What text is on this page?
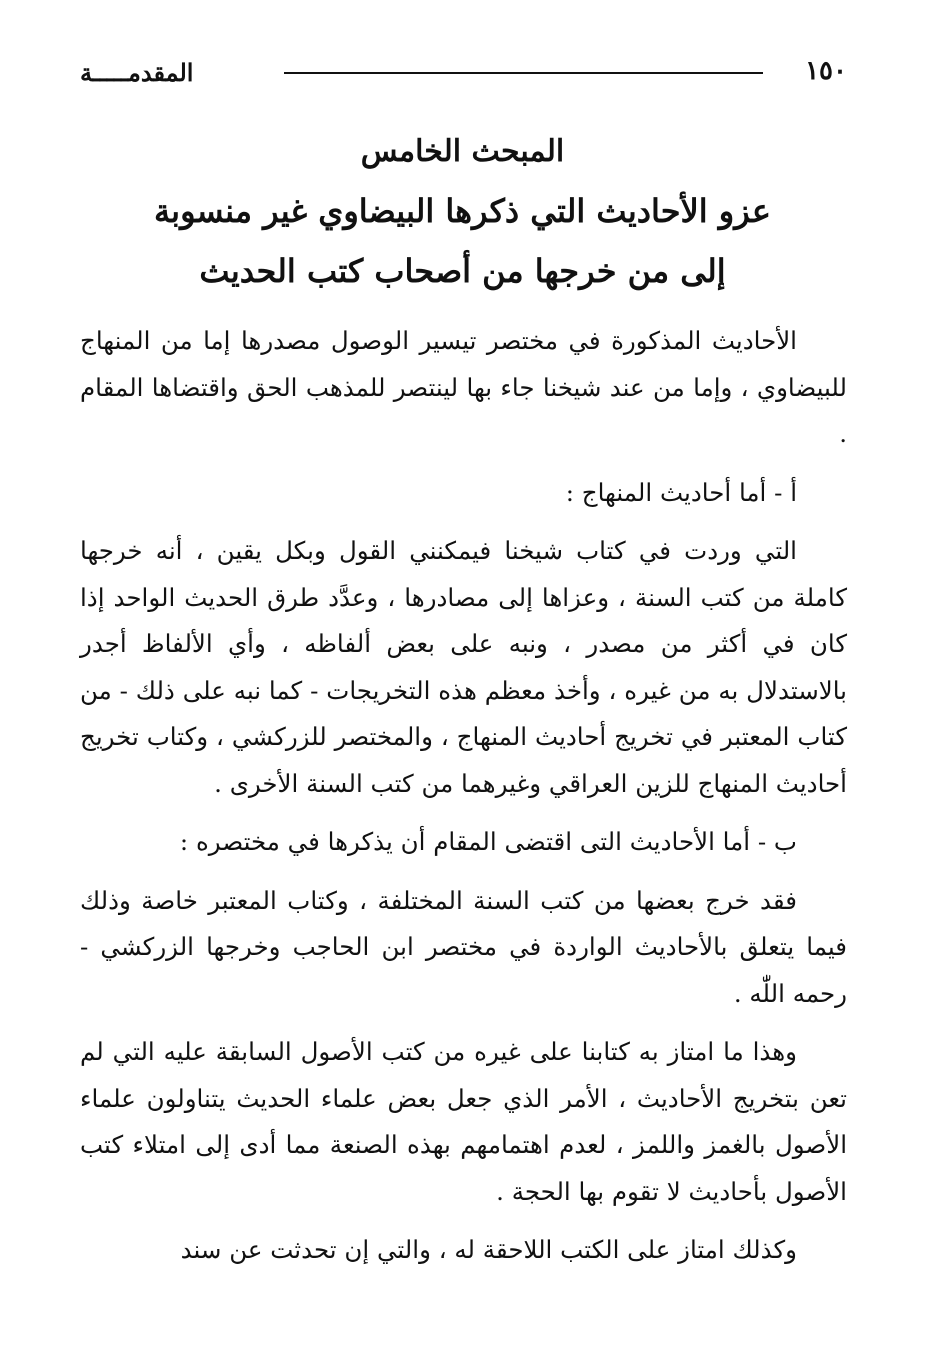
المقدمـــــة	١٥٠
المبحث الخامس
عزو الأحاديث التي ذكرها البيضاوي غير منسوبة
إلى من خرجها من أصحاب كتب الحديث

الأحاديث المذكورة في مختصر تيسير الوصول مصدرها إما من المنهاج للبيضاوي ، وإما من عند شيخنا جاء بها لينتصر للمذهب الحق واقتضاها المقام .

أ - أما أحاديث المنهاج :

التي وردت في كتاب شيخنا فيمكنني القول وبكل يقين ، أنه خرجها كاملة من كتب السنة ، وعزاها إلى مصادرها ، وعدَّد طرق الحديث الواحد إذا كان في أكثر من مصدر ، ونبه على بعض ألفاظه ، وأي الألفاظ أجدر بالاستدلال به من غيره ، وأخذ معظم هذه التخريجات - كما نبه على ذلك - من كتاب المعتبر في تخريج أحاديث المنهاج ، والمختصر للزركشي ، وكتاب تخريج أحاديث المنهاج للزين العراقي وغيرهما من كتب السنة الأخرى .

ب - أما الأحاديث التى اقتضى المقام أن يذكرها في مختصره :

فقد خرج بعضها من كتب السنة المختلفة ، وكتاب المعتبر خاصة وذلك فيما يتعلق بالأحاديث الواردة في مختصر ابن الحاجب وخرجها الزركشي - رحمه اللّٰه .

وهذا ما امتاز به كتابنا على غيره من كتب الأصول السابقة عليه التي لم تعن بتخريج الأحاديث ، الأمر الذي جعل بعض علماء الحديث يتناولون علماء الأصول بالغمز واللمز ، لعدم اهتمامهم بهذه الصنعة مما أدى إلى امتلاء كتب الأصول بأحاديث لا تقوم بها الحجة .

وكذلك امتاز على الكتب اللاحقة له ، والتي إن تحدثت عن سند
